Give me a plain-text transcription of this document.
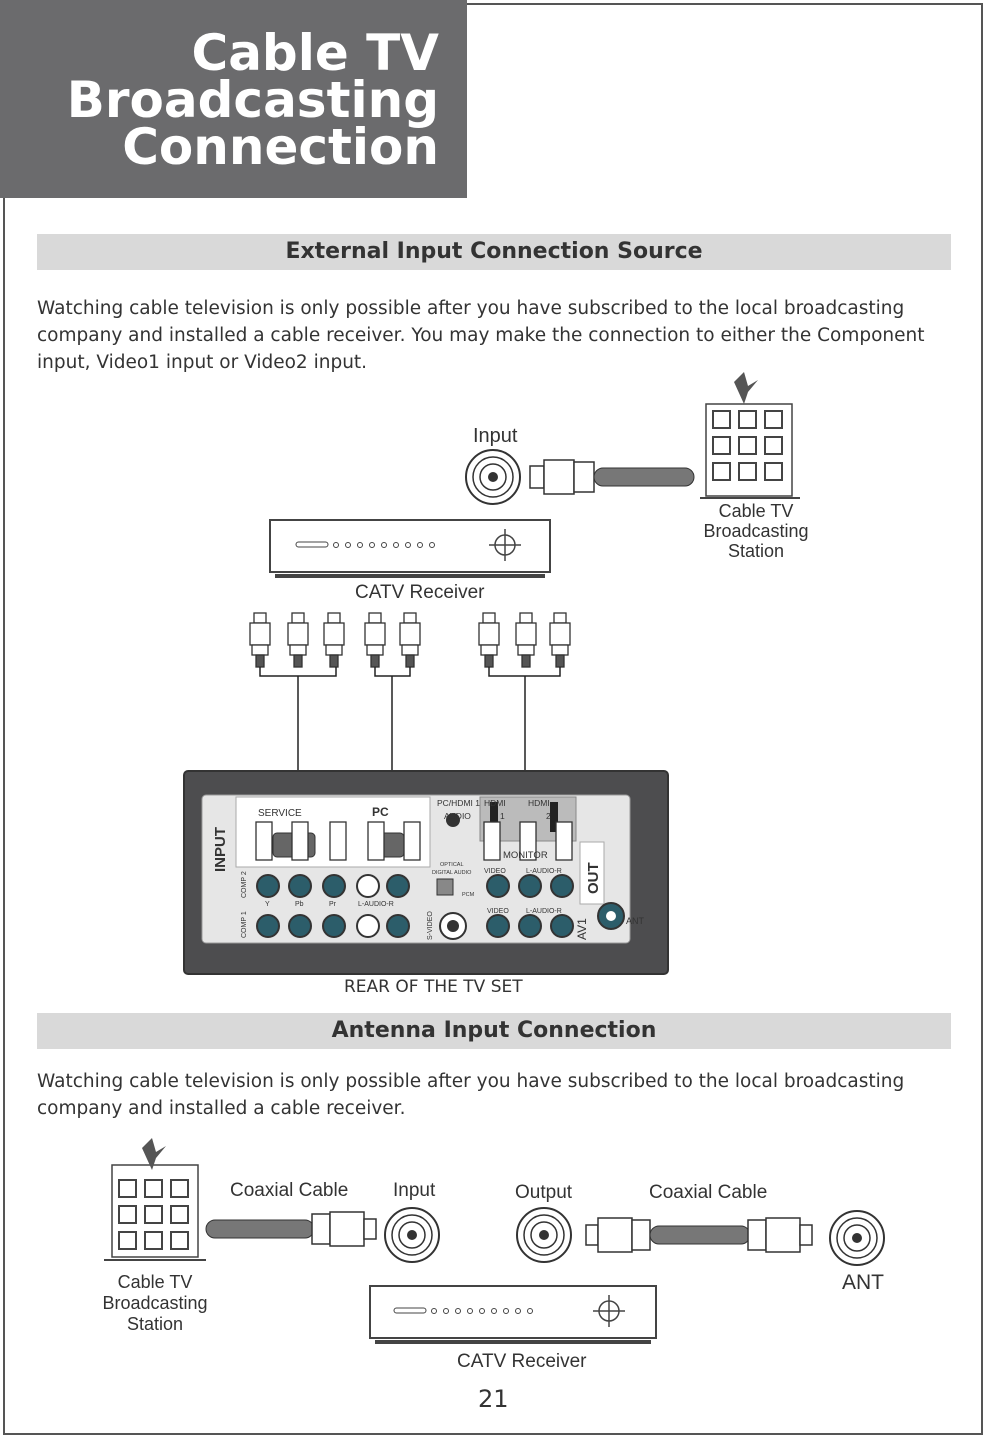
Cable TV
Broadcasting
Connection
External Input Connection Source

Watching cable television is only possible after you have subscribed to the local broadcasting company and installed a cable receiver. You may make the connection to either the Component input, Video1 input or Video2 input.

INPUT
SERVICE	PC
PC/HDMI 1
AUDIO
HDMI
1
HDMI
2
MONITOR
OUT
OPTICAL
DIGITAL AUDIO
PCM
COMP 2
COMP 1
Y	Pb	Pr	L-AUDIO-R
VIDEO	L-AUDIO-R
VIDEO L-AUDIO-R
S-VIDEO	AV1	ANT
Input
Cable TV
Broadcasting
Station
CATV Receiver
REAR OF THE TV SET
Antenna Input Connection

Watching cable television is only possible after you have subscribed to the local broadcasting company and installed a cable receiver.

Coaxial Cable Input	Output	Coaxial Cable
Cable TV
Broadcasting
Station
ANT
CATV Receiver
21
